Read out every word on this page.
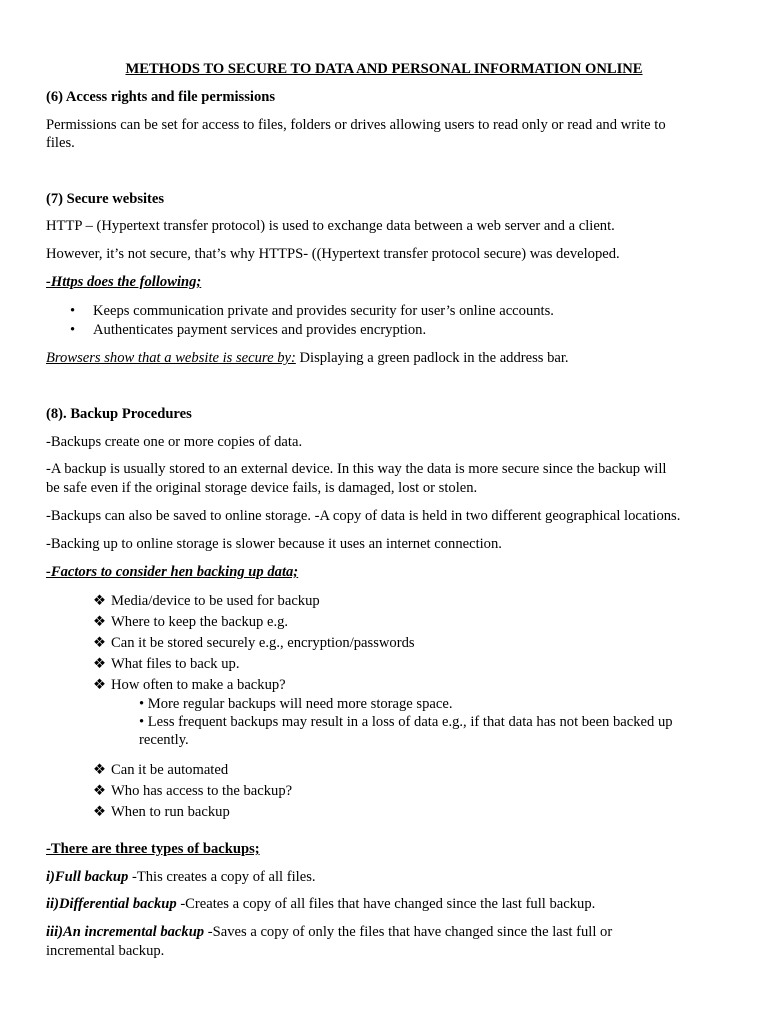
METHODS TO SECURE TO DATA AND PERSONAL INFORMATION ONLINE

(6) Access rights and file permissions

Permissions can be set for access to files, folders or drives allowing users to read only or read and write to

files.

(7) Secure websites

HTTP – (Hypertext transfer protocol) is used to exchange data between a web server and a client.

However, it’s not secure, that’s why HTTPS- ((Hypertext transfer protocol secure) was developed.

-Https does the following;

• Keeps communication private and provides security for user’s online accounts.

• Authenticates payment services and provides encryption.

Browsers show that a website is secure by: Displaying a green padlock in the address bar.

(8). Backup Procedures

-Backups create one or more copies of data.

-A backup is usually stored to an external device. In this way the data is more secure since the backup will

be safe even if the original storage device fails, is damaged, lost or stolen.

-Backups can also be saved to online storage. -A copy of data is held in two different geographical locations.

-Backing up to online storage is slower because it uses an internet connection.

-Factors to consider hen backing up data;

❖ Media/device to be used for backup

❖ Where to keep the backup e.g.

❖ Can it be stored securely e.g., encryption/passwords

❖ What files to back up.

❖ How often to make a backup?

• More regular backups will need more storage space.

• Less frequent backups may result in a loss of data e.g., if that data has not been backed up

recently.

❖ Can it be automated

❖ Who has access to the backup?

❖ When to run backup

-There are three types of backups;

i)Full backup -This creates a copy of all files.

ii)Differential backup -Creates a copy of all files that have changed since the last full backup.

iii)An incremental backup -Saves a copy of only the files that have changed since the last full or

incremental backup.
